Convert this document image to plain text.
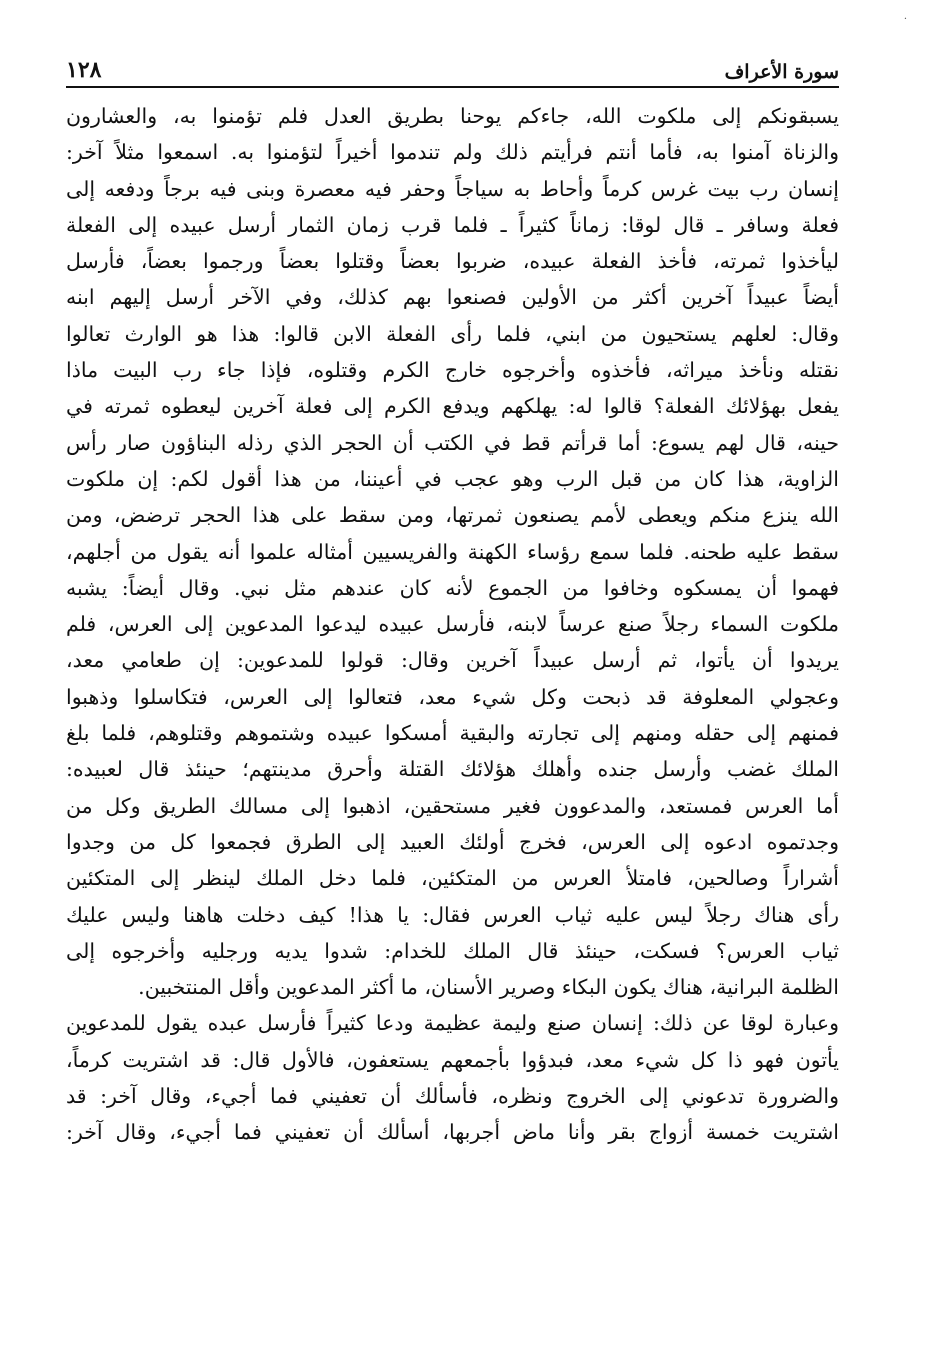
·
١٢٨	سورة الأعراف
يسبقونكم إلى ملكوت الله، جاءكم يوحنا بطريق العدل فلم تؤمنوا به، والعشارون
والزناة آمنوا به، فأما أنتم فرأيتم ذلك ولم تندموا أخيراً لتؤمنوا به. اسمعوا مثلاً آخر:
إنسان رب بيت غرس كرماً وأحاط به سياجاً وحفر فيه معصرة وبنى فيه برجاً ودفعه إلى
فعلة وسافر ـ قال لوقا: زماناً كثيراً ـ فلما قرب زمان الثمار أرسل عبيده إلى الفعلة
ليأخذوا ثمرته، فأخذ الفعلة عبيده، ضربوا بعضاً وقتلوا بعضاً ورجموا بعضاً، فأرسل
أيضاً عبيداً آخرين أكثر من الأولين فصنعوا بهم كذلك، وفي الآخر أرسل إليهم ابنه
وقال: لعلهم يستحيون من ابني، فلما رأى الفعلة الابن قالوا: هذا هو الوارث تعالوا
نقتله ونأخذ ميراثه، فأخذوه وأخرجوه خارج الكرم وقتلوه، فإذا جاء رب البيت ماذا
يفعل بهؤلائك الفعلة؟ قالوا له: يهلكهم ويدفع الكرم إلى فعلة آخرين ليعطوه ثمرته في
حينه، قال لهم يسوع: أما قرأتم قط في الكتب أن الحجر الذي رذله البناؤون صار رأس
الزاوية، هذا كان من قبل الرب وهو عجب في أعيننا، من هذا أقول لكم: إن ملكوت
الله ينزع منكم ويعطى لأمم يصنعون ثمرتها، ومن سقط على هذا الحجر ترضض، ومن
سقط عليه طحنه. فلما سمع رؤساء الكهنة والفريسيين أمثاله علموا أنه يقول من أجلهم،
فهموا أن يمسكوه وخافوا من الجموع لأنه كان عندهم مثل نبي. وقال أيضاً: يشبه
ملكوت السماء رجلاً صنع عرساً لابنه، فأرسل عبيده ليدعوا المدعوين إلى العرس، فلم
يريدوا أن يأتوا، ثم أرسل عبيداً آخرين وقال: قولوا للمدعوين: إن طعامي معد،
وعجولي المعلوفة قد ذبحت وكل شيء معد، فتعالوا إلى العرس، فتكاسلوا وذهبوا
فمنهم إلى حقله ومنهم إلى تجارته والبقية أمسكوا عبيده وشتموهم وقتلوهم، فلما بلغ
الملك غضب وأرسل جنده وأهلك هؤلائك القتلة وأحرق مدينتهم؛ حينئذ قال لعبيده:
أما العرس فمستعد، والمدعوون فغير مستحقين، اذهبوا إلى مسالك الطريق وكل من
وجدتموه ادعوه إلى العرس، فخرج أولئك العبيد إلى الطرق فجمعوا كل من وجدوا
أشراراً وصالحين، فامتلأ العرس من المتكئين، فلما دخل الملك لينظر إلى المتكئين
رأى هناك رجلاً ليس عليه ثياب العرس فقال: يا هذا! كيف دخلت هاهنا وليس عليك
ثياب العرس؟ فسكت، حينئذ قال الملك للخدام: شدوا يديه ورجليه وأخرجوه إلى
الظلمة البرانية، هناك يكون البكاء وصرير الأسنان، ما أكثر المدعوين وأقل المنتخبين.
وعبارة لوقا عن ذلك: إنسان صنع وليمة عظيمة ودعا كثيراً فأرسل عبده يقول للمدعوين
يأتون فهو ذا كل شيء معد، فبدؤوا بأجمعهم يستعفون، فالأول قال: قد اشتريت كرماً،
والضرورة تدعوني إلى الخروج ونظره، فأسألك أن تعفيني فما أجيء، وقال آخر: قد
اشتريت خمسة أزواج بقر وأنا ماض أجربها، أسألك أن تعفيني فما أجيء، وقال آخر:
